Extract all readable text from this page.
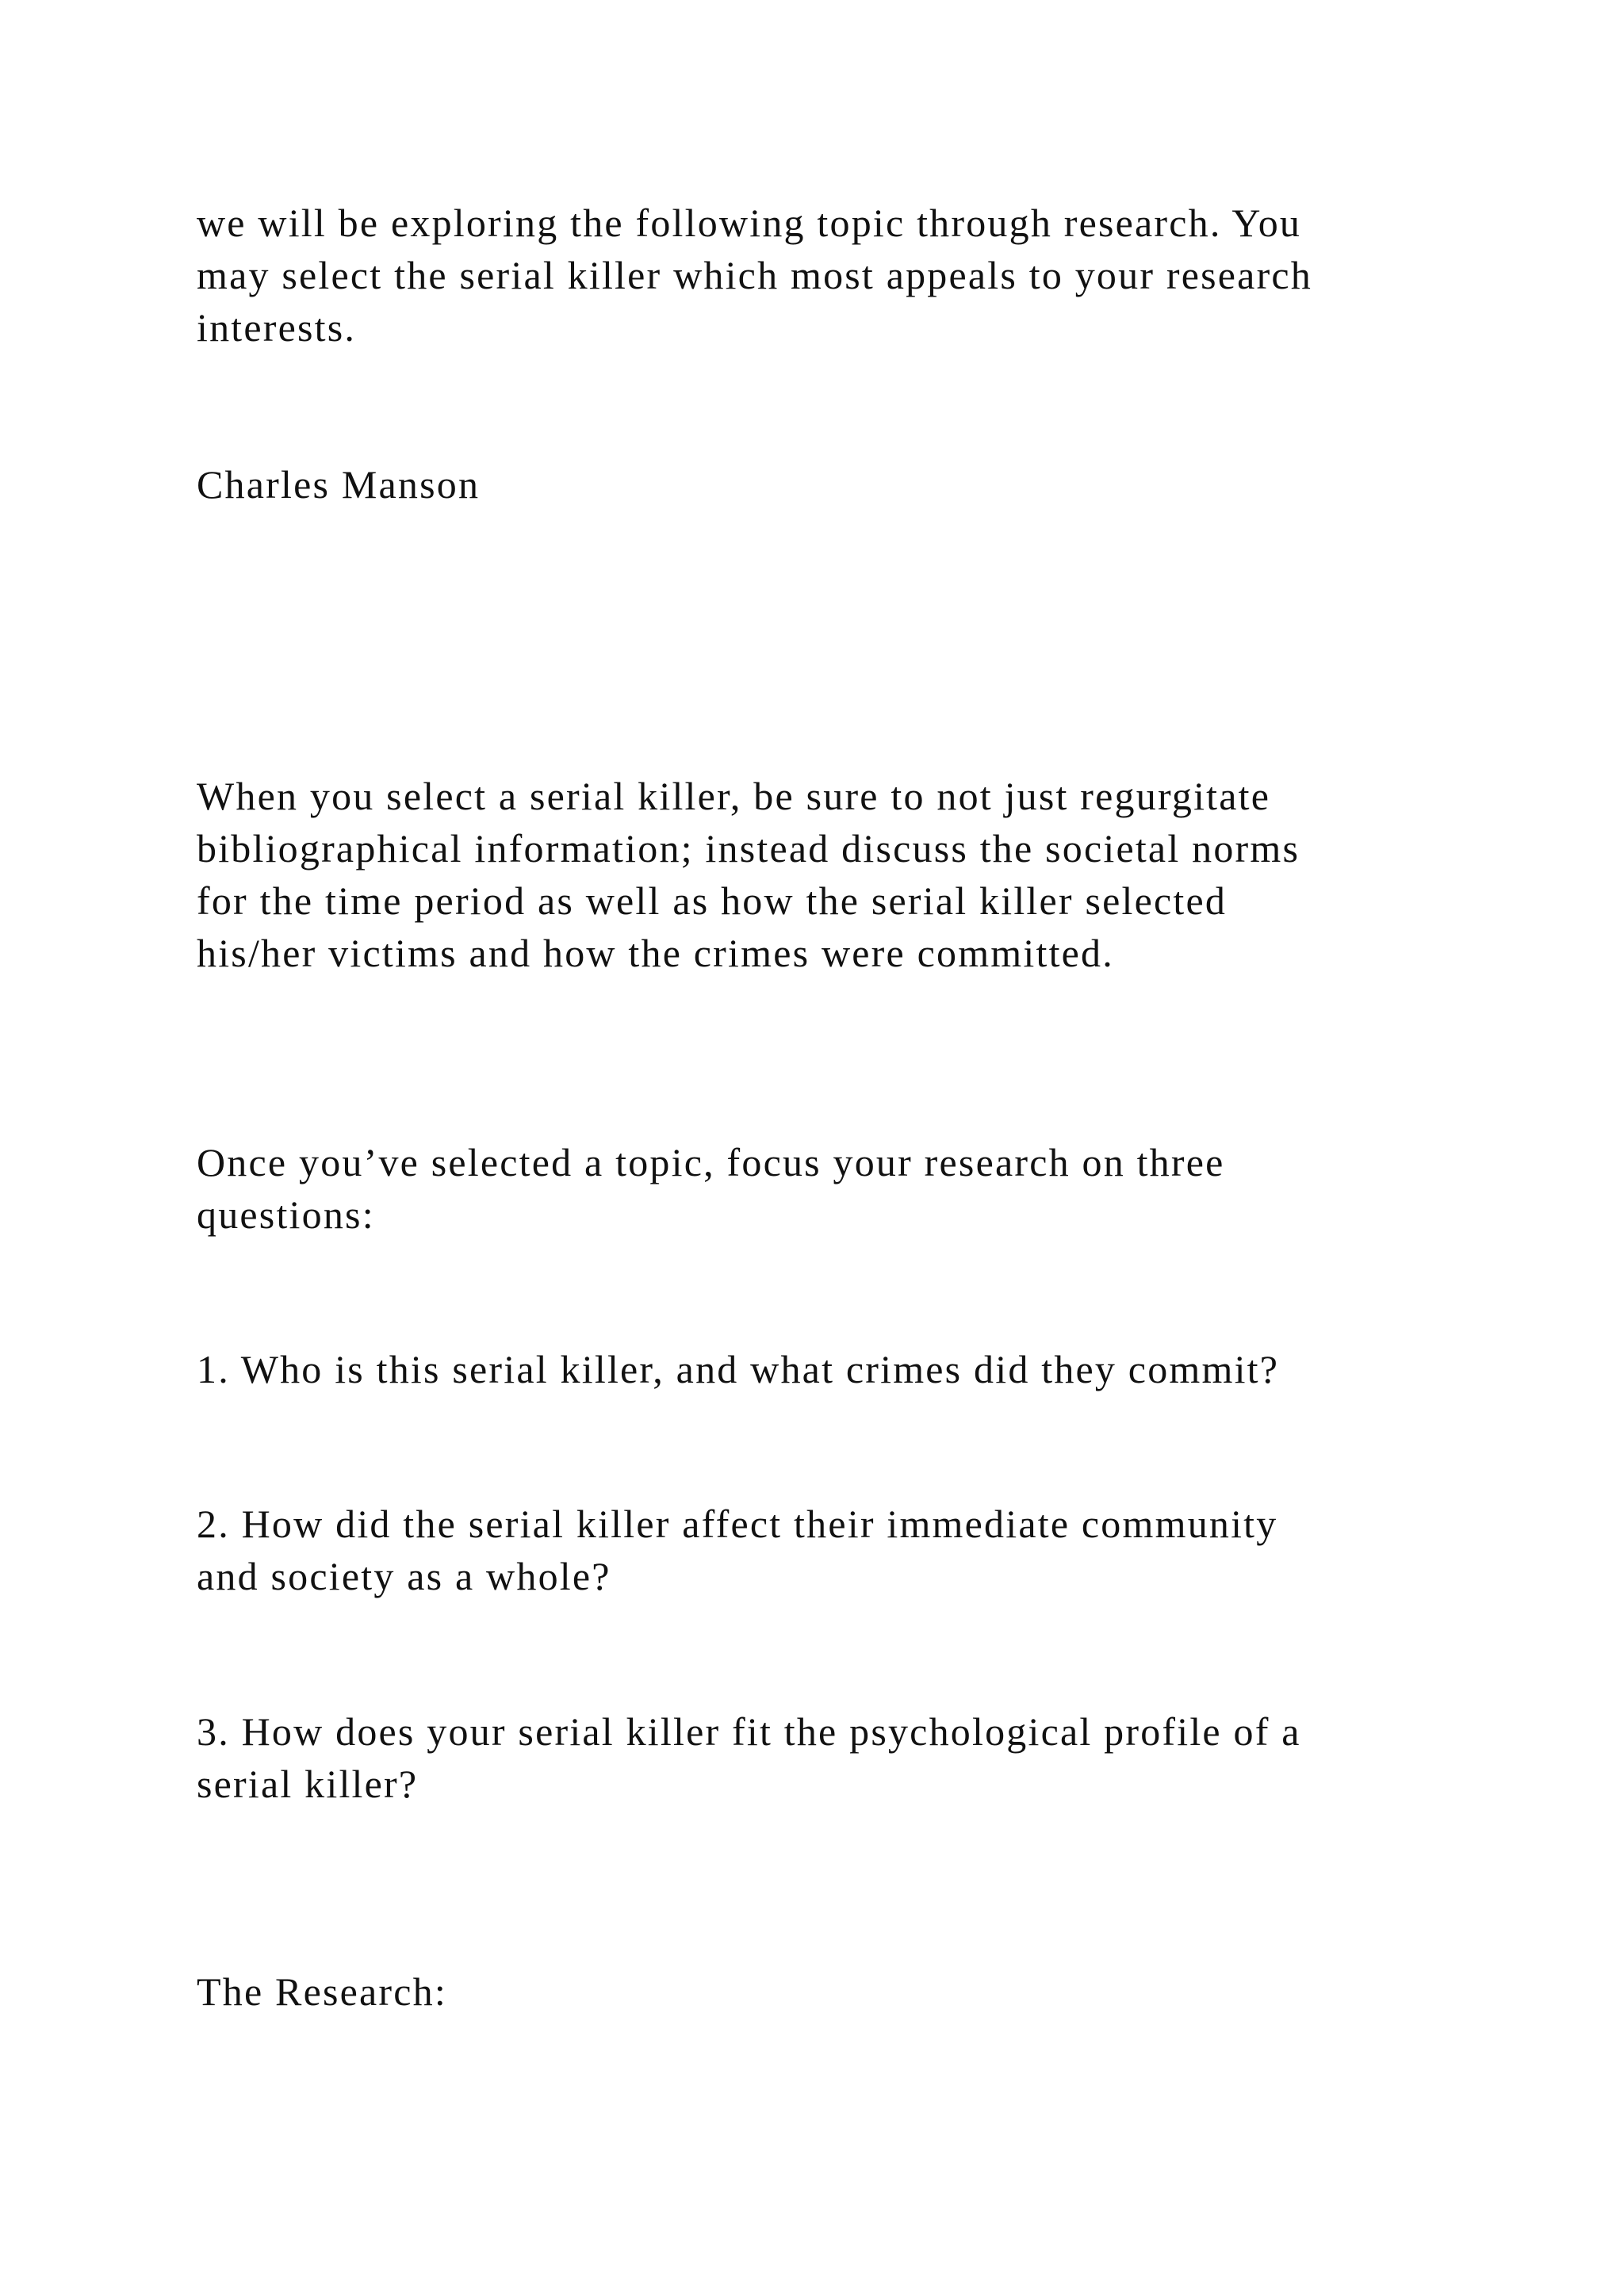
we will be exploring the following topic through research. You
may select the serial killer which most appeals to your research
interests.

Charles Manson

When you select a serial killer, be sure to not just regurgitate
bibliographical information; instead discuss the societal norms
for the time period as well as how the serial killer selected
his/her victims and how the crimes were committed.

Once you’ve selected a topic, focus your research on three
questions:

1. Who is this serial killer, and what crimes did they commit?

2. How did the serial killer affect their immediate community
and society as a whole?

3. How does your serial killer fit the psychological profile of a
serial killer?

The Research:
